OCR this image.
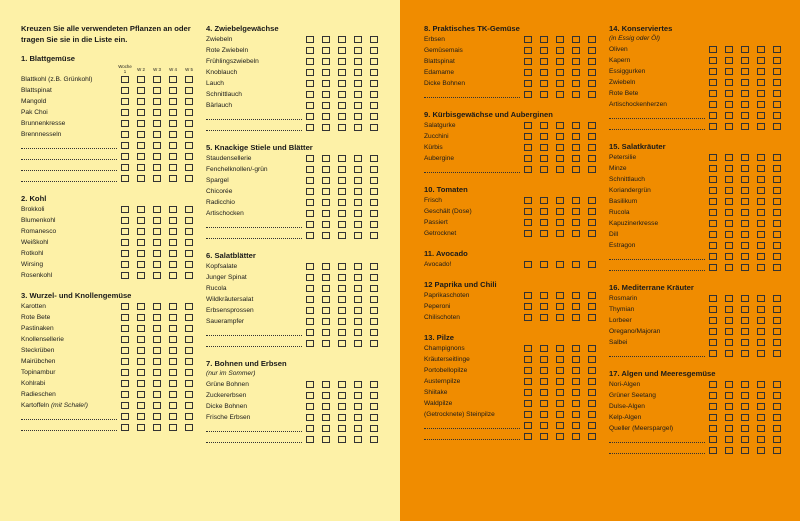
Kreuzen Sie alle verwendeten Pflanzen an oder tragen Sie sie in die Liste ein.
1. Blattgemüse
Woche 1	W 2	W 3	W 4	W 5
Blattkohl (z.B. Grünkohl)
Blattspinat
Mangold
Pak Choi
Brunnenkresse
Brennnesseln
2. Kohl
Brokkoli
Blumenkohl
Romanesco
Weißkohl
Rotkohl
Wirsing
Rosenkohl
3. Wurzel- und Knollengemüse
Karotten
Rote Bete
Pastinaken
Knollensellerie
Steckrüben
Mairübchen
Topinambur
Kohlrabi
Radieschen
Kartoffeln (mit Schale!)
4. Zwiebelgewächse
Zwiebeln
Rote Zwiebeln
Frühlingszwiebeln
Knoblauch
Lauch
Schnittlauch
Bärlauch
5. Knackige Stiele und Blätter
Staudensellerie
Fenchelknollen/-grün
Spargel
Chicorée
Radicchio
Artischocken
6. Salatblätter
Kopfsalate
Junger Spinat
Rucola
Wildkräutersalat
Erbsensprossen
Sauerampfer
7. Bohnen und Erbsen
(nur im Sommer)
Grüne Bohnen
Zuckererbsen
Dicke Bohnen
Frische Erbsen
8. Praktisches TK-Gemüse
Erbsen
Gemüsemais
Blattspinat
Edamame
Dicke Bohnen
9. Kürbisgewächse und Auberginen
Salatgurke
Zucchini
Kürbis
Aubergine
10. Tomaten
Frisch
Geschält (Dose)
Passiert
Getrocknet
11. Avocado
Avocado!
12 Paprika und Chili
Paprikaschoten
Peperoni
Chilischoten
13. Pilze
Champignons
Kräuterseitlinge
Portobellopilze
Austernpilze
Shiitake
Waldpilze
(Getrocknete) Steinpilze
14. Konserviertes
(in Essig oder Öl)
Oliven
Kapern
Essiggurken
Zwiebeln
Rote Bete
Artischockenherzen
15. Salatkräuter
Petersilie
Minze
Schnittlauch
Koriandergrün
Basilikum
Rucola
Kapuzinerkresse
Dill
Estragon
16. Mediterrane Kräuter
Rosmarin
Thymian
Lorbeer
Oregano/Majoran
Salbei
17. Algen und Meeresgemüse
Nori-Algen
Grüner Seetang
Dulse-Algen
Kelp-Algen
Queller (Meerspargel)
